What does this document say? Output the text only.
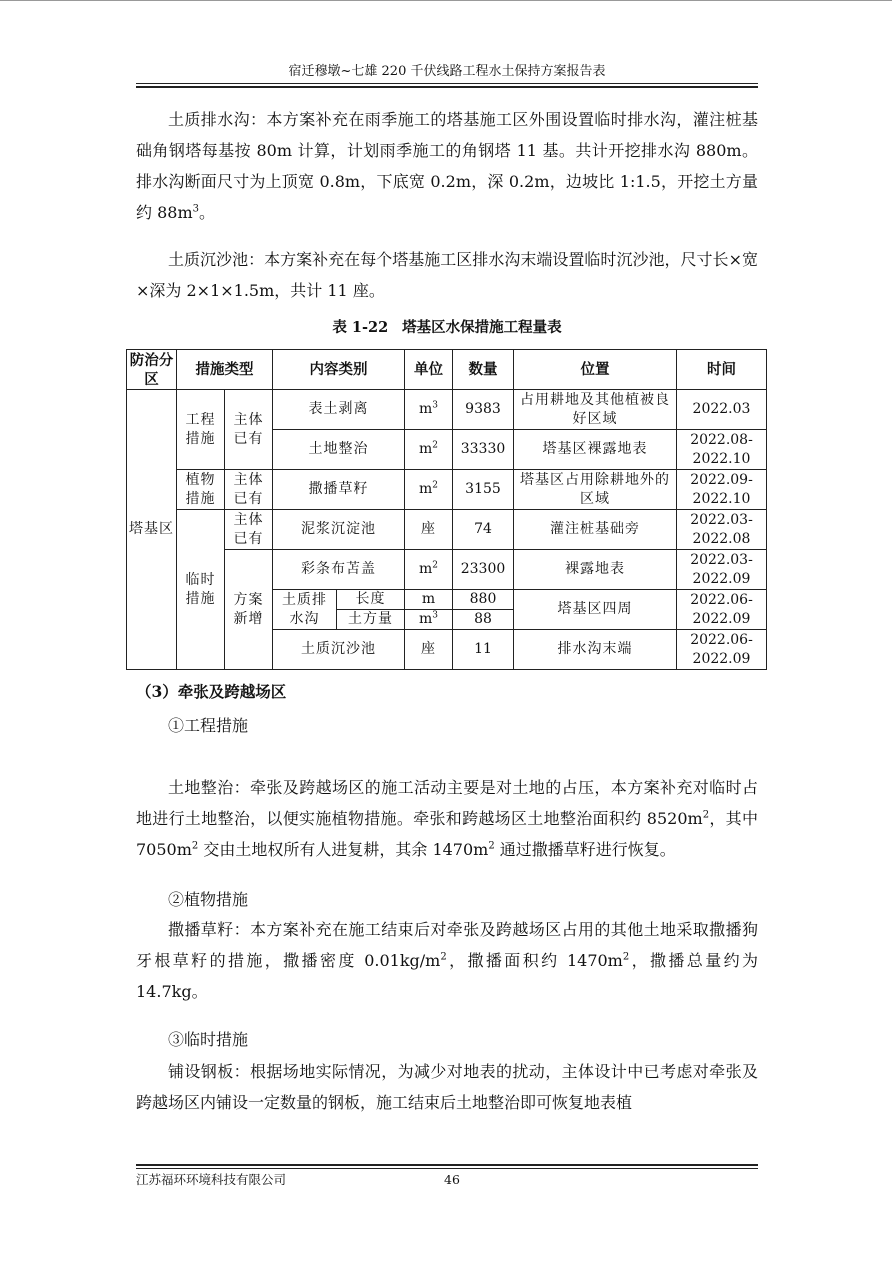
宿迁穆墩~七雄 220 千伏线路工程水土保持方案报告表

土质排水沟：本方案补充在雨季施工的塔基施工区外围设置临时排水沟，灌注桩基础角钢塔每基按 80m 计算，计划雨季施工的角钢塔 11 基。共计开挖排水沟 880m。排水沟断面尺寸为上顶宽 0.8m，下底宽 0.2m，深 0.2m，边坡比 1:1.5，开挖土方量约 $88m^3$。

土质沉沙池：本方案补充在每个塔基施工区排水沟末端设置临时沉沙池，尺寸长×宽×深为 2×1×1.5m，共计 11 座。

表 1-22 塔基区水保措施工程量表
防治分区	措施类型		内容类别		单位	数量	位置	时间
塔基区	工程措施	主体已有	表土剥离		$m^3$	9383	占用耕地及其他植被良好区域	2022.03
			土地整治		$m^2$	33330	塔基区裸露地表	2022.08-2022.10
	植物措施	主体已有	撒播草籽		$m^2$	3155	塔基区占用除耕地外的区域	2022.09-2022.10
	临时措施	主体已有	泥浆沉淀池		座	74	灌注桩基础旁	2022.03-2022.08
		方案新增	彩条布苫盖		$m^2$	23300	裸露地表	2022.03-2022.09
			土质排水沟	长度	m	880	塔基区四周	2022.06-2022.09
				土方量	$m^3$	88		
			土质沉沙池		座	11	排水沟末端	2022.06-2022.09

（3）牵张及跨越场区

①工程措施

土地整治：牵张及跨越场区的施工活动主要是对土地的占压，本方案补充对临时占地进行土地整治，以便实施植物措施。牵张和跨越场区土地整治面积约 $8520m^2$，其中 $7050m^2$ 交由土地权所有人进复耕，其余 $1470m^2$ 通过撒播草籽进行恢复。

②植物措施

撒播草籽：本方案补充在施工结束后对牵张及跨越场区占用的其他土地采取撒播狗牙根草籽的措施，撒播密度 $0.01kg/m^2$，撒播面积约 $1470m^2$，撒播总量约为 14.7kg。

③临时措施

铺设钢板：根据场地实际情况，为减少对地表的扰动，主体设计中已考虑对牵张及跨越场区内铺设一定数量的钢板，施工结束后土地整治即可恢复地表植

江苏福环环境科技有限公司	46
